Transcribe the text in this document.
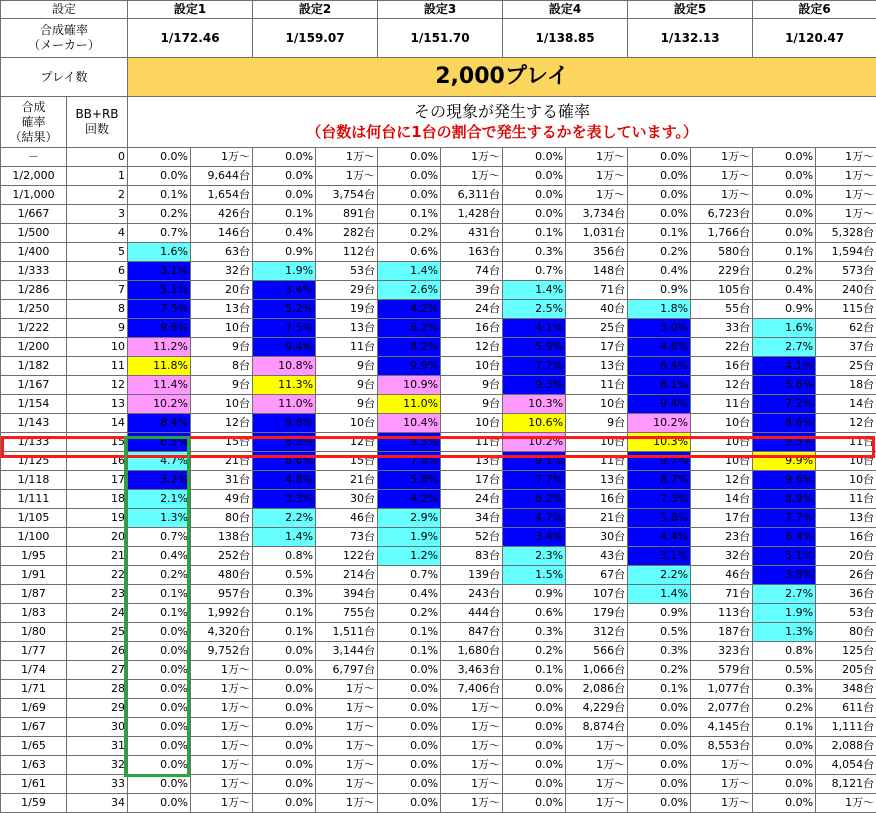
設定		設定1		設定2		設定3		設定4		設定5		設定6	

合成確率
（メーカー）		1/172.46		1/159.07		1/151.70		1/138.85		1/132.13		1/120.47	
プレイ数		2,000プレイ											

合成
確率
（結果）	BB+RB
回数	その現象が発生する確率
（台数は何台に1台の割合で発生するかを表しています。）											

－	0	0.0%	1万～	0.0%	1万～	0.0%	1万～	0.0%	1万～	0.0%	1万～	0.0%	1万～
1/2,000	1	0.0%	9,644台	0.0%	1万～	0.0%	1万～	0.0%	1万～	0.0%	1万～	0.0%	1万～
1/1,000	2	0.1%	1,654台	0.0%	3,754台	0.0%	6,311台	0.0%	1万～	0.0%	1万～	0.0%	1万～
1/667	3	0.2%	426台	0.1%	891台	0.1%	1,428台	0.0%	3,734台	0.0%	6,723台	0.0%	1万～
1/500	4	0.7%	146台	0.4%	282台	0.2%	431台	0.1%	1,031台	0.1%	1,766台	0.0%	5,328台
1/400	5	1.6%	63台	0.9%	112台	0.6%	163台	0.3%	356台	0.2%	580台	0.1%	1,594台
1/333	6	3.1%	32台	1.9%	53台	1.4%	74台	0.7%	148台	0.4%	229台	0.2%	573台
1/286	7	5.1%	20台	3.4%	29台	2.6%	39台	1.4%	71台	0.9%	105台	0.4%	240台
1/250	8	7.5%	13台	5.2%	19台	4.2%	24台	2.5%	40台	1.8%	55台	0.9%	115台
1/222	9	9.6%	10台	7.5%	13台	6.2%	16台	4.1%	25台	3.0%	33台	1.6%	62台
1/200	10	11.2%	9台	9.4%	11台	8.2%	12台	5.9%	17台	4.6%	22台	2.7%	37台
1/182	11	11.8%	8台	10.8%	9台	9.9%	10台	7.7%	13台	6.4%	16台	4.1%	25台
1/167	12	11.4%	9台	11.3%	9台	10.9%	9台	9.3%	11台	8.1%	12台	5.6%	18台
1/154	13	10.2%	10台	11.0%	9台	11.0%	9台	10.3%	10台	9.4%	11台	7.2%	14台
1/143	14	8.4%	12台	9.8%	10台	10.4%	10台	10.6%	9台	10.2%	10台	8.6%	12台
1/133	15	6.5%	15台	8.2%	12台	9.3%	11台	10.2%	10台	10.3%	10台	9.5%	11台
1/125	16	4.7%	21台	6.6%	15台	7.8%	13台	9.1%	11台	9.7%	10台	9.9%	10台
1/118	17	3.2%	31台	4.8%	21台	5.8%	17台	7.7%	13台	8.7%	12台	9.6%	10台
1/111	18	2.1%	49台	3.3%	30台	4.2%	24台	6.2%	16台	7.3%	14台	8.9%	11台
1/105	19	1.3%	80台	2.2%	46台	2.9%	34台	4.7%	21台	5.8%	17台	7.7%	13台
1/100	20	0.7%	138台	1.4%	73台	1.9%	52台	3.4%	30台	4.4%	23台	6.4%	16台
1/95	21	0.4%	252台	0.8%	122台	1.2%	83台	2.3%	43台	3.1%	32台	5.1%	20台
1/91	22	0.2%	480台	0.5%	214台	0.7%	139台	1.5%	67台	2.2%	46台	3.8%	26台
1/87	23	0.1%	957台	0.3%	394台	0.4%	243台	0.9%	107台	1.4%	71台	2.7%	36台
1/83	24	0.1%	1,992台	0.1%	755台	0.2%	444台	0.6%	179台	0.9%	113台	1.9%	53台
1/80	25	0.0%	4,320台	0.1%	1,511台	0.1%	847台	0.3%	312台	0.5%	187台	1.3%	80台
1/77	26	0.0%	9,752台	0.0%	3,144台	0.1%	1,680台	0.2%	566台	0.3%	323台	0.8%	125台
1/74	27	0.0%	1万～	0.0%	6,797台	0.0%	3,463台	0.1%	1,066台	0.2%	579台	0.5%	205台
1/71	28	0.0%	1万～	0.0%	1万～	0.0%	7,406台	0.0%	2,086台	0.1%	1,077台	0.3%	348台
1/69	29	0.0%	1万～	0.0%	1万～	0.0%	1万～	0.0%	4,229台	0.0%	2,077台	0.2%	611台
1/67	30	0.0%	1万～	0.0%	1万～	0.0%	1万～	0.0%	8,874台	0.0%	4,145台	0.1%	1,111台
1/65	31	0.0%	1万～	0.0%	1万～	0.0%	1万～	0.0%	1万～	0.0%	8,553台	0.0%	2,088台
1/63	32	0.0%	1万～	0.0%	1万～	0.0%	1万～	0.0%	1万～	0.0%	1万～	0.0%	4,054台
1/61	33	0.0%	1万～	0.0%	1万～	0.0%	1万～	0.0%	1万～	0.0%	1万～	0.0%	8,121台
1/59	34	0.0%	1万～	0.0%	1万～	0.0%	1万～	0.0%	1万～	0.0%	1万～	0.0%	1万～
